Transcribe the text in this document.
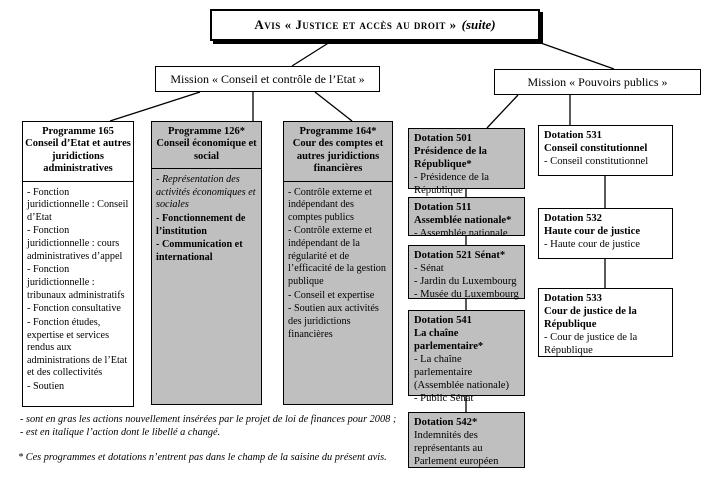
Avis « Justice et accès au droit » (suite)
Mission « Conseil et contrôle de l’Etat »	Mission « Pouvoirs publics »
Programme 165
Conseil d’Etat et autres juridictions administratives
- Fonction juridictionnelle : Conseil d’Etat
- Fonction juridictionnelle : cours administratives d’appel
- Fonction juridictionnelle : tribunaux administratifs
- Fonction consultative
- Fonction études, expertise et services rendus aux administrations de l’Etat et des collectivités
- Soutien
Programme 126*
Conseil économique et social
- Représentation des activités économiques et sociales
- Fonctionnement de l’institution
- Communication et international
Programme 164*
Cour des comptes et autres juridictions financières
- Contrôle externe et indépendant des comptes publics
- Contrôle externe et indépendant de la régularité et de l’efficacité de la gestion publique
- Conseil et expertise
- Soutien aux activités des juridictions financières
Dotation 501
Présidence de la République*
- Présidence de la République
Dotation 511
Assemblée nationale*
- Assemblée nationale
Dotation 521 Sénat*
- Sénat
- Jardin du Luxembourg
- Musée du Luxembourg
Dotation 541
La chaîne parlementaire*
- La chaîne parlementaire (Assemblée nationale)
- Public Sénat
Dotation 542*
Indemnités des représentants au Parlement européen
Dotation 531
Conseil constitutionnel
- Conseil constitutionnel
Dotation 532
Haute cour de justice
- Haute cour de justice
Dotation 533
Cour de justice de la République
- Cour de justice de la République
- sont en gras les actions nouvellement insérées par le projet de loi de finances pour 2008 ;
- est en italique l’action dont le libellé a changé.
* Ces programmes et dotations n’entrent pas dans le champ de la saisine du présent avis.
